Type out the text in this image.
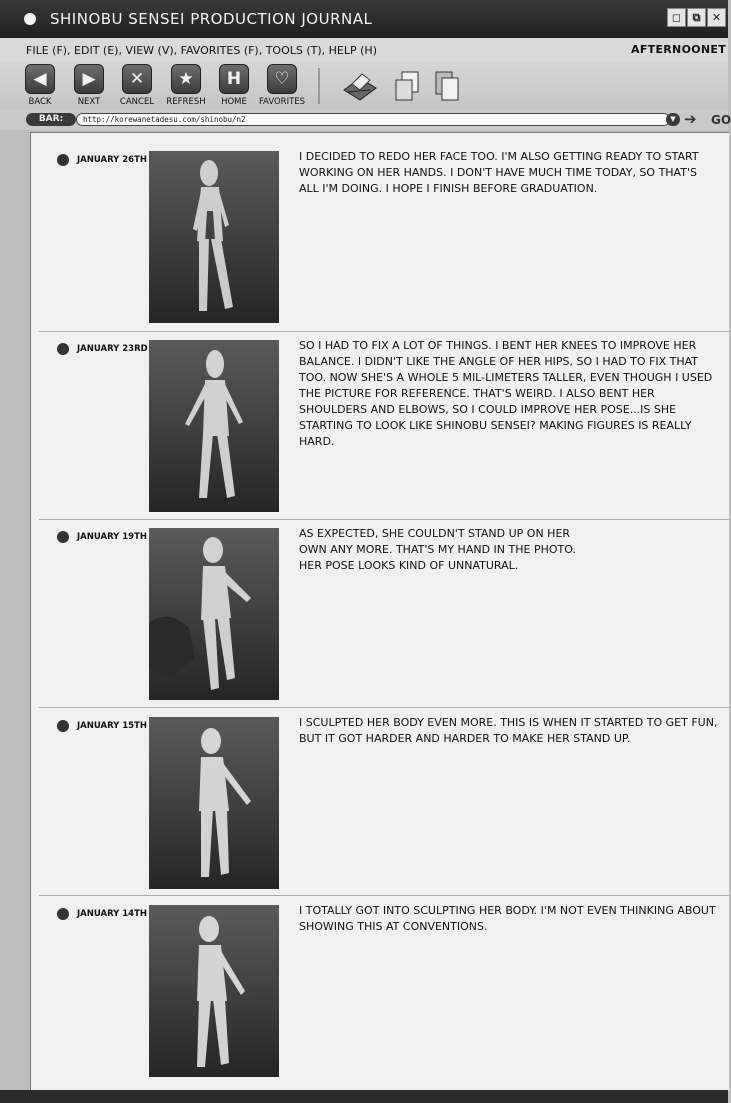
SHINOBU SENSEI PRODUCTION JOURNAL	◻	⧉	✕
FILE (F), EDIT (E), VIEW (V), FAVORITES (F), TOOLS (T), HELP (H)	AFTERNOONET
◀
BACK
▶
NEXT
✕
CANCEL
★
REFRESH
H
HOME
♡
FAVORITES
BAR:	http://korewanetadesu.com/shinobu/n2	▼ ➔	GO
JANUARY 26TH	I DECIDED TO REDO HER FACE TOO. I'M ALSO GETTING READY TO START WORKING ON HER HANDS. I DON'T HAVE MUCH TIME TODAY, SO THAT'S ALL I'M DOING. I HOPE I FINISH BEFORE GRADUATION.
JANUARY 23RD	SO I HAD TO FIX A LOT OF THINGS. I BENT HER KNEES TO IMPROVE HER BALANCE. I DIDN'T LIKE THE ANGLE OF HER HIPS, SO I HAD TO FIX THAT TOO. NOW SHE'S A WHOLE 5 MIL-LIMETERS TALLER, EVEN THOUGH I USED THE PICTURE FOR REFERENCE. THAT'S WEIRD. I ALSO BENT HER SHOULDERS AND ELBOWS, SO I COULD IMPROVE HER POSE...IS SHE STARTING TO LOOK LIKE SHINOBU SENSEI? MAKING FIGURES IS REALLY HARD.
JANUARY 19TH	AS EXPECTED, SHE COULDN'T STAND UP ON HER
OWN ANY MORE. THAT'S MY HAND IN THE PHOTO.
HER POSE LOOKS KIND OF UNNATURAL.
JANUARY 15TH	I SCULPTED HER BODY EVEN MORE. THIS IS WHEN IT STARTED TO GET FUN, BUT IT GOT HARDER AND HARDER TO MAKE HER STAND UP.
JANUARY 14TH	I TOTALLY GOT INTO SCULPTING HER BODY. I'M NOT EVEN THINKING ABOUT SHOWING THIS AT CONVENTIONS.
